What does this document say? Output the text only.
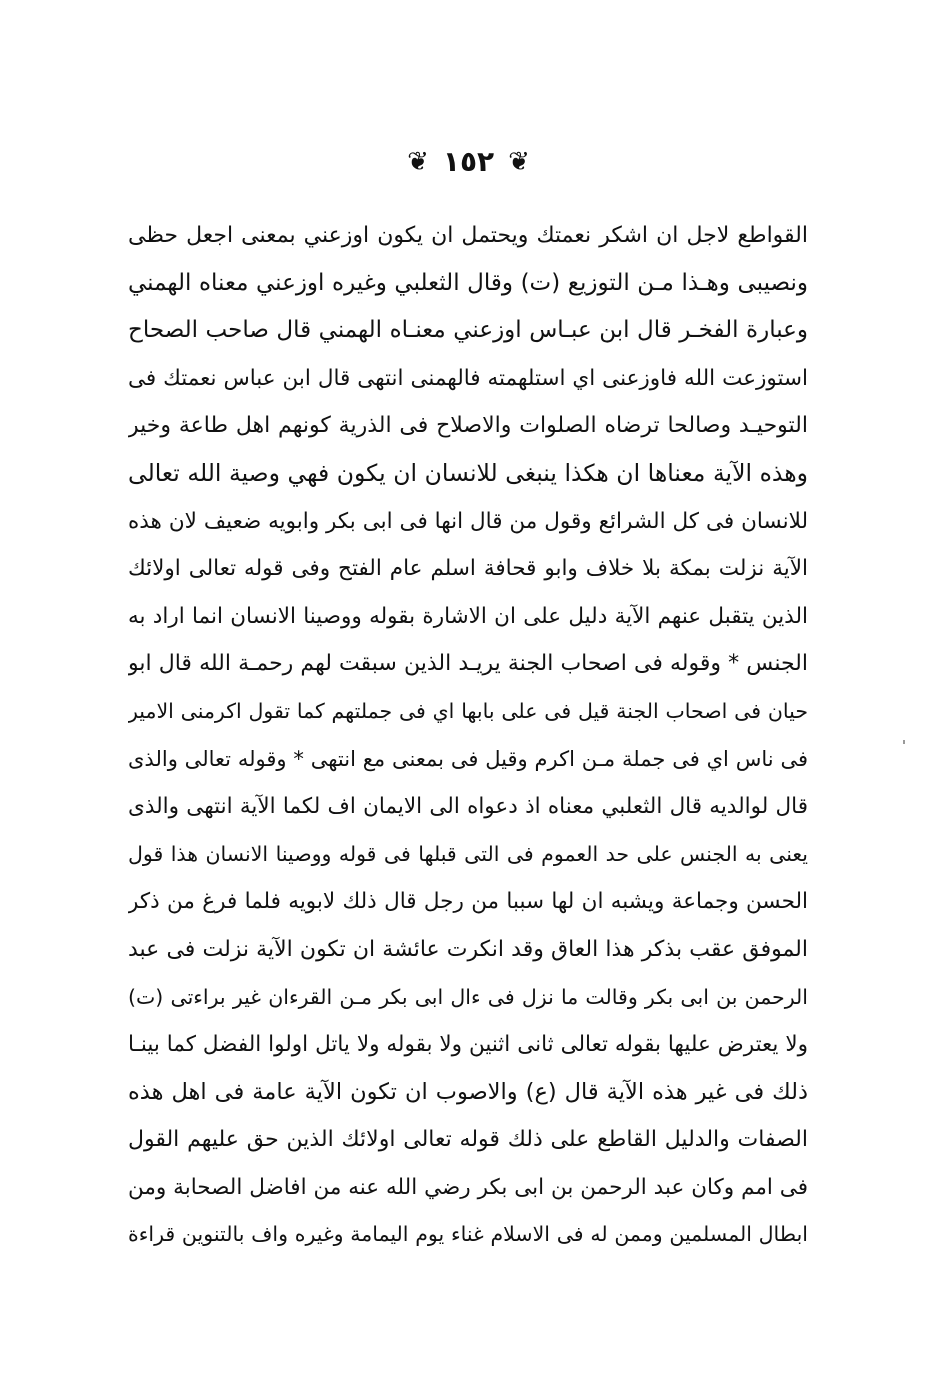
❦ ١٥٢ ❦
القواطع لاجل ان اشكر نعمتك ويحتمل ان يكون اوزعني بمعنى اجعل حظى
ونصيبى وهـذا مـن التوزيع (ت) وقال الثعلبي وغيره اوزعني معناه الهمني
وعبارة الفخـر قال ابن عبـاس اوزعني معنـاه الهمني قال صاحب الصحاح
استوزعت الله فاوزعنى اي استلهمته فالهمنى انتهى قال ابن عباس نعمتك فى
التوحيـد وصالحا ترضاه الصلوات والاصلاح فى الذرية كونهم اهل طاعة وخير
وهذه الآية معناها ان هكذا ينبغى للانسان ان يكون فهي وصية الله تعالى
للانسان فى كل الشرائع وقول من قال انها فى ابى بكر وابويه ضعيف لان هذه
الآية نزلت بمكة بلا خلاف وابو قحافة اسلم عام الفتح وفى قوله تعالى اولائك
الذين يتقبل عنهم الآية دليل على ان الاشارة بقوله ووصينا الانسان انما اراد به
الجنس * وقوله فى اصحاب الجنة يريـد الذين سبقت لهم رحمـة الله قال ابو
حيان فى اصحاب الجنة قيل فى على بابها اي فى جملتهم كما تقول اكرمنى الامير
فى ناس اي فى جملة مـن اكرم وقيل فى بمعنى مع انتهى * وقوله تعالى والذى
قال لوالديه قال الثعلبي معناه اذ دعواه الى الايمان اف لكما الآية انتهى والذى
يعنى به الجنس على حد العموم فى التى قبلها فى قوله ووصينا الانسان هذا قول
الحسن وجماعة ويشبه ان لها سببا من رجل قال ذلك لابويه فلما فرغ من ذكر
الموفق عقب بذكر هذا العاق وقد انكرت عائشة ان تكون الآية نزلت فى عبد
الرحمن بن ابى بكر وقالت ما نزل فى ءال ابى بكر مـن القرءان غير براءتى (ت)
ولا يعترض عليها بقوله تعالى ثانى اثنين ولا بقوله ولا ياتل اولوا الفضل كما بينـا
ذلك فى غير هذه الآية قال (ع) والاصوب ان تكون الآية عامة فى اهل هذه
الصفات والدليل القاطع على ذلك قوله تعالى اولائك الذين حق عليهم القول
فى امم وكان عبد الرحمن بن ابى بكر رضي الله عنه من افاضل الصحابة ومن
ابطال المسلمين وممن له فى الاسلام غناء يوم اليمامة وغيره واف بالتنوين قراءة
